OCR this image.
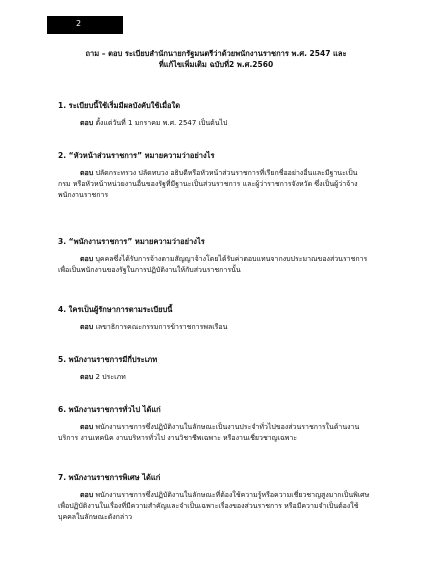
2
ถาม – ตอบ ระเบียบสำนักนายกรัฐมนตรีว่าด้วยพนักงานราชการ พ.ศ. 2547 และ
ที่แก้ไขเพิ่มเติม ฉบับที่2 พ.ศ.2560
1. ระเบียบนี้ใช้เริ่มมีผลบังคับใช้เมื่อใด
ตอบ ตั้งแต่วันที่ 1 มกราคม พ.ศ. 2547 เป็นต้นไป
2. “หัวหน้าส่วนราชการ” หมายความว่าอย่างไร
ตอบ ปลัดกระทรวง ปลัดทบวง อธิบดีหรือหัวหน้าส่วนราชการที่เรียกชื่ออย่างอื่นและมีฐานะเป็น
กรม หรือหัวหน้าหน่วยงานอื่นของรัฐที่มีฐานะเป็นส่วนราชการ และผู้ว่าราชการจังหวัด ซึ่งเป็นผู้ว่าจ้าง
พนักงานราชการ
3. “พนักงานราชการ” หมายความว่าอย่างไร
ตอบ บุคคลซึ่งได้รับการจ้างตามสัญญาจ้างโดยได้รับค่าตอบแทนจากงบประมาณของส่วนราชการ
เพื่อเป็นพนักงานของรัฐในการปฏิบัติงานให้กับส่วนราชการนั้น
4. ใครเป็นผู้รักษาการตามระเบียบนี้
ตอบ เลขาธิการคณะกรรมการข้าราชการพลเรือน
5. พนักงานราชการมีกี่ประเภท
ตอบ 2 ประเภท
6. พนักงานราชการทั่วไป ได้แก่
ตอบ พนักงานราชการซึ่งปฏิบัติงานในลักษณะเป็นงานประจำทั่วไปของส่วนราชการในด้านงาน
บริการ งานเทคนิค งานบริหารทั่วไป งานวิชาชีพเฉพาะ หรืองานเชี่ยวชาญเฉพาะ
7. พนักงานราชการพิเศษ ได้แก่
ตอบ พนักงานราชการซึ่งปฏิบัติงานในลักษณะที่ต้องใช้ความรู้หรือความเชี่ยวชาญสูงมากเป็นพิเศษ
เพื่อปฏิบัติงานในเรื่องที่มีความสำคัญและจำเป็นเฉพาะเรื่องของส่วนราชการ หรือมีความจำเป็นต้องใช้
บุคคลในลักษณะดังกล่าว
